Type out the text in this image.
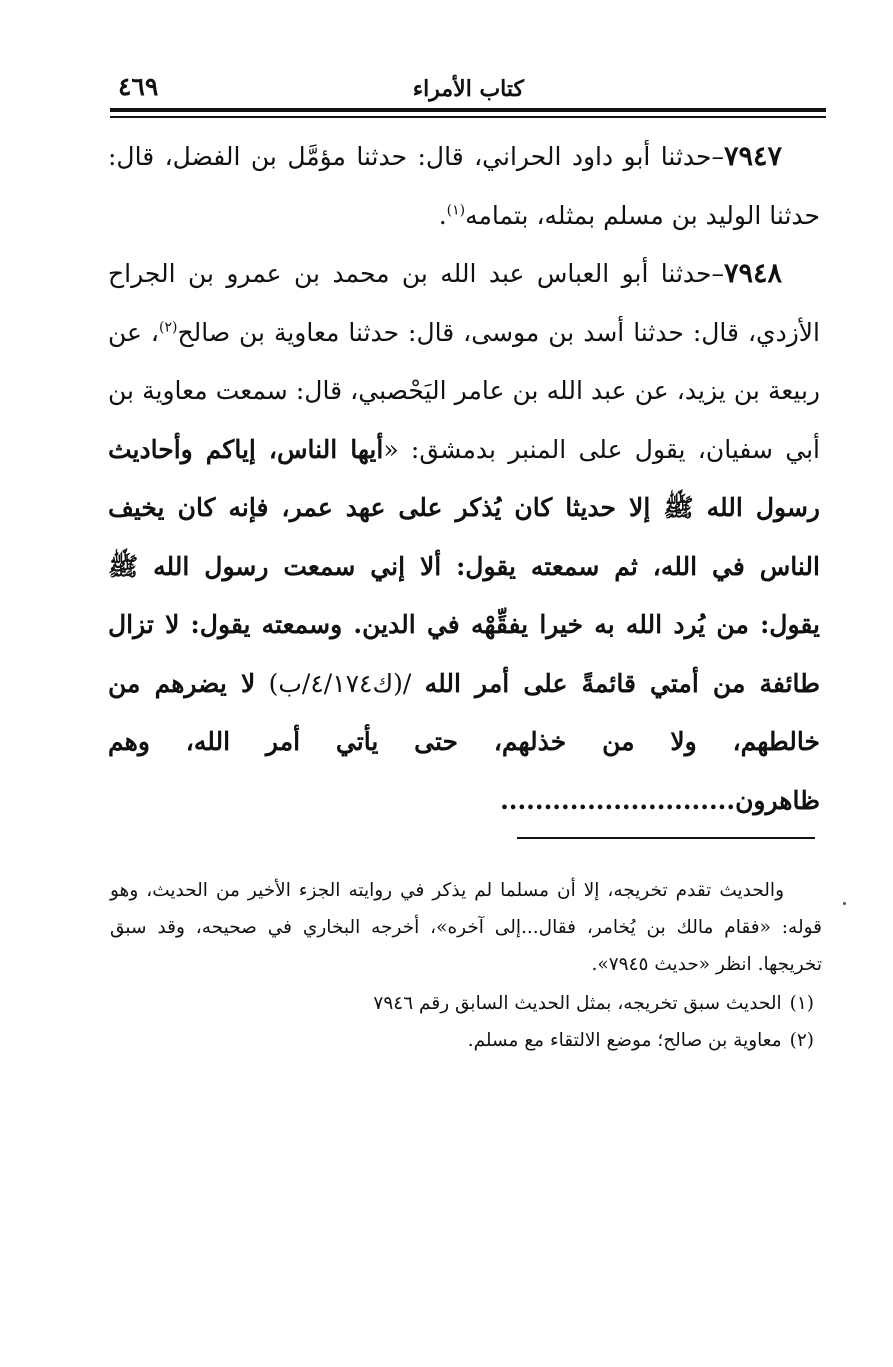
كتاب الأمراء
٤٦٩

٧٩٤٧–حدثنا أبو داود الحراني، قال: حدثنا مؤمَّل بن الفضل، قال: حدثنا الوليد بن مسلم بمثله، بتمامه$^{(١)}$.

٧٩٤٨–حدثنا أبو العباس عبد الله بن محمد بن عمرو بن الجراح الأزدي، قال: حدثنا أسد بن موسى، قال: حدثنا معاوية بن صالح$^{(٢)}$، عن ربيعة بن يزيد، عن عبد الله بن عامر اليَحْصبي، قال: سمعت معاوية بن أبي سفيان، يقول على المنبر بدمشق: «أيها الناس، إياكم وأحاديث رسول الله ﷺ إلا حديثا كان يُذكر على عهد عمر، فإنه كان يخيف الناس في الله، ثم سمعته يقول: ألا إني سمعت رسول الله ﷺ يقول: من يُرد الله به خيرا يفقِّهْه في الدين. وسمعته يقول: لا تزال طائفة من أمتي قائمةً على أمر الله /(ك٤/١٧٤/ب) لا يضرهم من خالطهم، ولا من خذلهم، حتى يأتي أمر الله، وهم ظاهرون...........................

والحديث تقدم تخريجه، إلا أن مسلما لم يذكر في روايته الجزء الأخير من الحديث، وهو قوله: «فقام مالك بن يُخامر، فقال...إلى آخره»، أخرجه البخاري في صحيحه، وقد سبق تخريجها. انظر «حديث ٧٩٤٥».

(١)الحديث سبق تخريجه، بمثل الحديث السابق رقم ٧٩٤٦

(٢)معاوية بن صالح؛ موضع الالتقاء مع مسلم.
